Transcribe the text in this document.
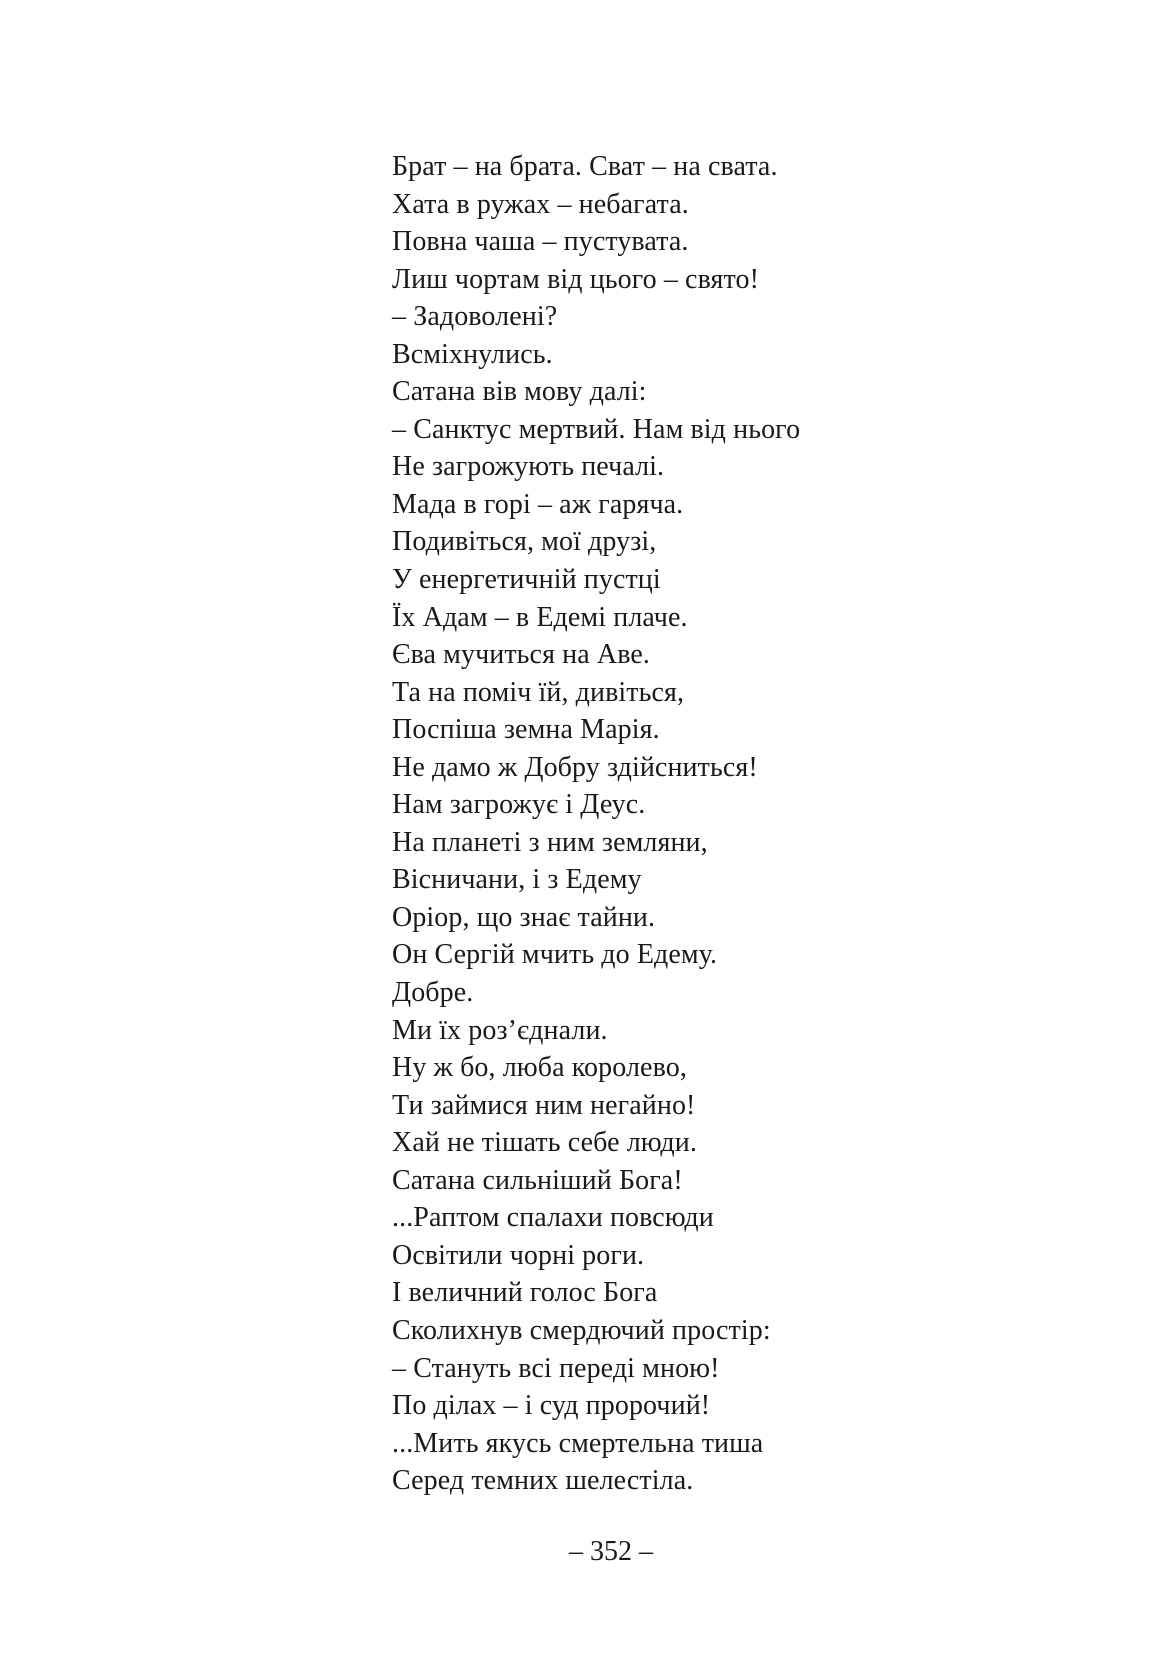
Брат – на брата. Сват – на свата.
Хата в ружах – небагата.
Повна чаша – пустувата.
Лиш чортам від цього – свято!
– Задоволені?
Всміхнулись.
Сатана вів мову далі:
– Санктус мертвий. Нам від нього
Не загрожують печалі.
Мада в горі – аж гаряча.
Подивіться, мої друзі,
У енергетичній пустці
Їх Адам – в Едемі плаче.
Єва мучиться на Аве.
Та на поміч їй, дивіться,
Поспіша земна Марія.
Не дамо ж Добру здійсниться!
Нам загрожує і Деус.
На планеті з ним земляни,
Вісничани, і з Едему
Оріор, що знає тайни.
Он Сергій мчить до Едему.
Добре.
Ми їх роз’єднали.
Ну ж бо, люба королево,
Ти займися ним негайно!
Хай не тішать себе люди.
Сатана сильніший Бога!
...Раптом спалахи повсюди
Освітили чорні роги.
І величний голос Бога
Сколихнув смердючий простір:
– Стануть всі переді мною!
По ділах – і суд пророчий!
...Мить якусь смертельна тиша
Серед темних шелестіла.
– 352 –
